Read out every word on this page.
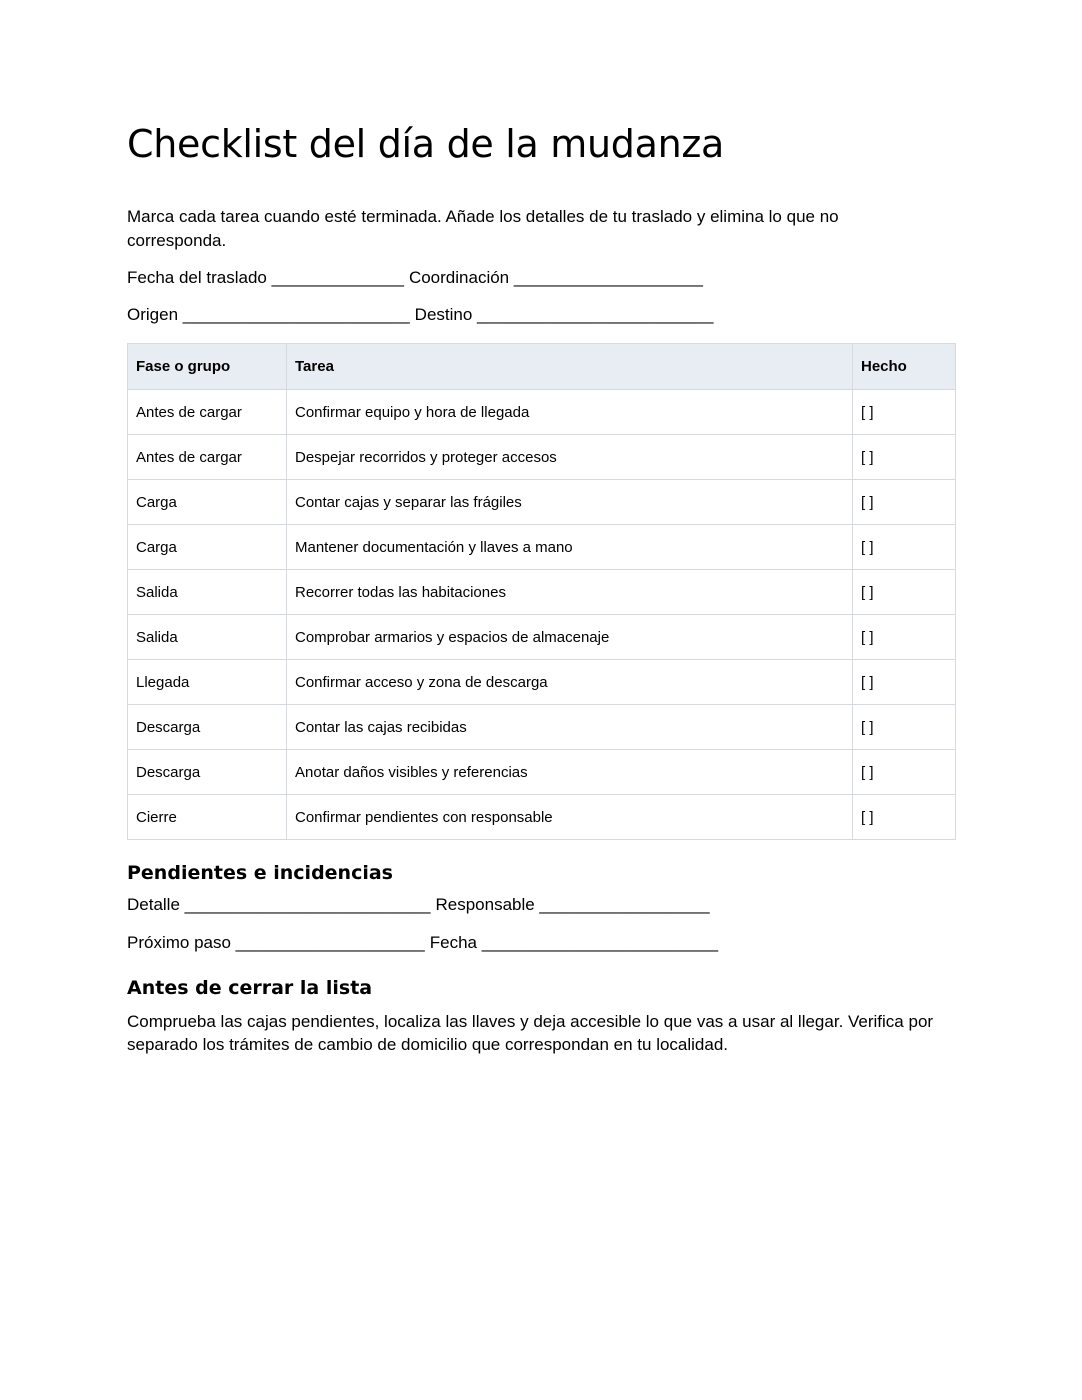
Checklist del día de la mudanza

Marca cada tarea cuando esté terminada. Añade los detalles de tu traslado y elimina lo que no corresponda.

Fecha del traslado ______________ Coordinación ____________________

Origen ________________________ Destino _________________________

Fase o grupo	Tarea	Hecho
Antes de cargar	Confirmar equipo y hora de llegada	[ ]
Antes de cargar	Despejar recorridos y proteger accesos	[ ]
Carga	Contar cajas y separar las frágiles	[ ]
Carga	Mantener documentación y llaves a mano	[ ]
Salida	Recorrer todas las habitaciones	[ ]
Salida	Comprobar armarios y espacios de almacenaje	[ ]
Llegada	Confirmar acceso y zona de descarga	[ ]
Descarga	Contar las cajas recibidas	[ ]
Descarga	Anotar daños visibles y referencias	[ ]
Cierre	Confirmar pendientes con responsable	[ ]
Pendientes e incidencias

Detalle __________________________ Responsable __________________

Próximo paso ____________________ Fecha _________________________

Antes de cerrar la lista

Comprueba las cajas pendientes, localiza las llaves y deja accesible lo que vas a usar al llegar. Verifica por separado los trámites de cambio de domicilio que correspondan en tu localidad.
